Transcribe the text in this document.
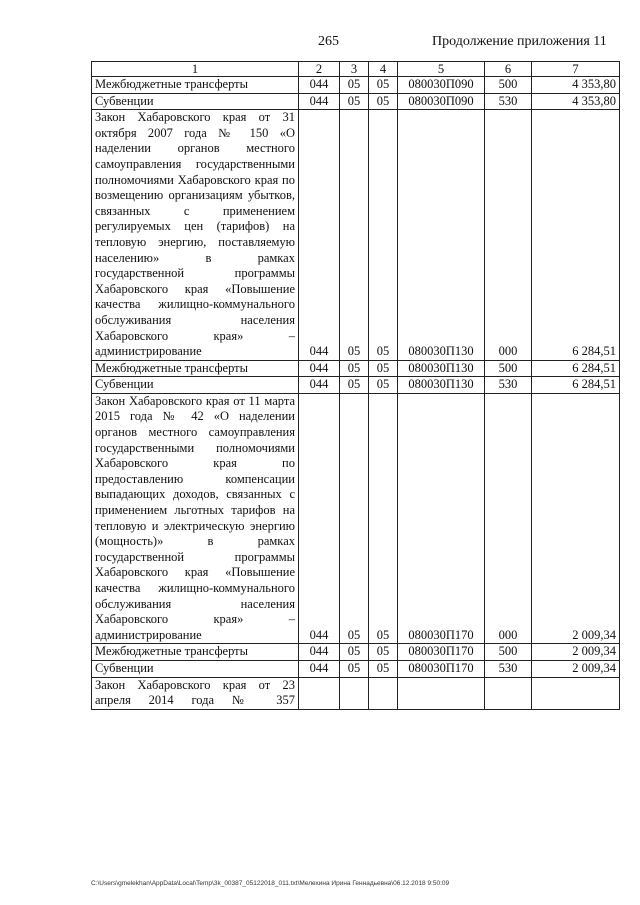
265	Продолжение приложения 11
1	2	3	4	5	6	7
Межбюджетные трансферты	044	05	05	080030П090	500	4 353,80
Субвенции	044	05	05	080030П090	530	4 353,80
Закон Хабаровского края от 31 октября 2007 года № 150 «О наделении органов местного самоуправления государственными полномочиями Хабаровского края по возмещению организациям убытков, связанных с применением регулируемых цен (тарифов) на тепловую энергию, поставляемую населению» в рамках государственной программы Хабаровского края «Повышение качества жилищно-коммунального обслуживания населения Хабаровского края» – администрирование	044	05	05	080030П130	000	6 284,51
Межбюджетные трансферты	044	05	05	080030П130	500	6 284,51
Субвенции	044	05	05	080030П130	530	6 284,51
Закон Хабаровского края от 11 марта 2015 года № 42 «О наделении органов местного самоуправления государственными полномочиями Хабаровского края по предоставлению компенсации выпадающих доходов, связанных с применением льготных тарифов на тепловую и электрическую энергию (мощность)» в рамках государственной программы Хабаровского края «Повышение качества жилищно-коммунального обслуживания населения Хабаровского края» – администрирование	044	05	05	080030П170	000	2 009,34
Межбюджетные трансферты	044	05	05	080030П170	500	2 009,34
Субвенции	044	05	05	080030П170	530	2 009,34
Закон Хабаровского края от 23 апреля 2014 года № 357						
C:\Users\gmelekhan\AppData\Local\Temp\3k_00387_05122018_011.txt\Мелехина Ирина Геннадьевна\06.12.2018 9:50:09
